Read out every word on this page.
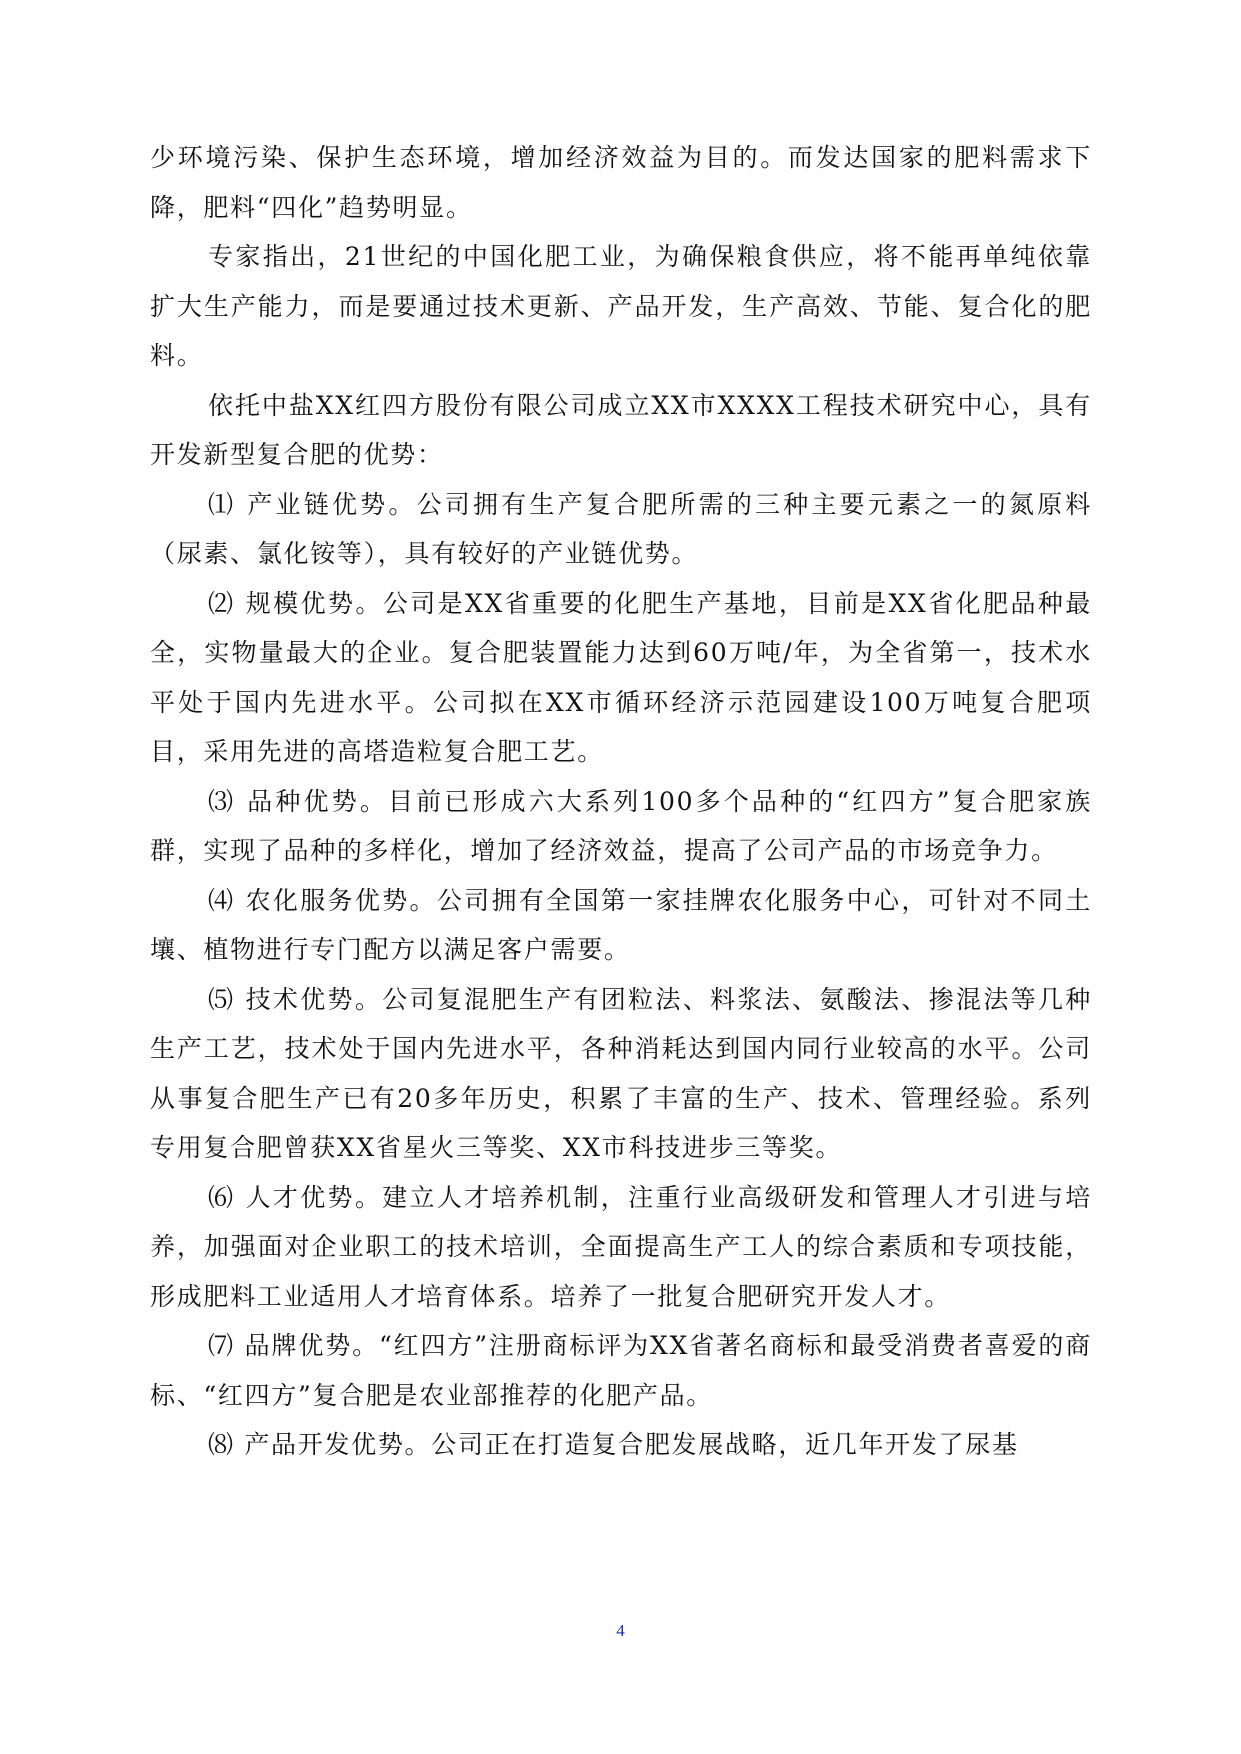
少环境污染、保护生态环境，增加经济效益为目的。而发达国家的肥料需求下降，肥料“四化”趋势明显。

专家指出，21世纪的中国化肥工业，为确保粮食供应，将不能再单纯依靠扩大生产能力，而是要通过技术更新、产品开发，生产高效、节能、复合化的肥料。

依托中盐XX红四方股份有限公司成立XX市XXXX工程技术研究中心，具有开发新型复合肥的优势：

⑴ 产业链优势。公司拥有生产复合肥所需的三种主要元素之一的氮原料（尿素、氯化铵等），具有较好的产业链优势。

⑵ 规模优势。公司是XX省重要的化肥生产基地，目前是XX省化肥品种最全，实物量最大的企业。复合肥装置能力达到60万吨/年，为全省第一，技术水平处于国内先进水平。公司拟在XX市循环经济示范园建设100万吨复合肥项目，采用先进的高塔造粒复合肥工艺。

⑶ 品种优势。目前已形成六大系列100多个品种的“红四方”复合肥家族群，实现了品种的多样化，增加了经济效益，提高了公司产品的市场竞争力。

⑷ 农化服务优势。公司拥有全国第一家挂牌农化服务中心，可针对不同土壤、植物进行专门配方以满足客户需要。

⑸ 技术优势。公司复混肥生产有团粒法、料浆法、氨酸法、掺混法等几种生产工艺，技术处于国内先进水平，各种消耗达到国内同行业较高的水平。公司从事复合肥生产已有20多年历史，积累了丰富的生产、技术、管理经验。系列专用复合肥曾获XX省星火三等奖、XX市科技进步三等奖。

⑹ 人才优势。建立人才培养机制，注重行业高级研发和管理人才引进与培养，加强面对企业职工的技术培训，全面提高生产工人的综合素质和专项技能，形成肥料工业适用人才培育体系。培养了一批复合肥研究开发人才。

⑺ 品牌优势。“红四方”注册商标评为XX省著名商标和最受消费者喜爱的商标、“红四方”复合肥是农业部推荐的化肥产品。

⑻ 产品开发优势。公司正在打造复合肥发展战略，近几年开发了尿基

4
